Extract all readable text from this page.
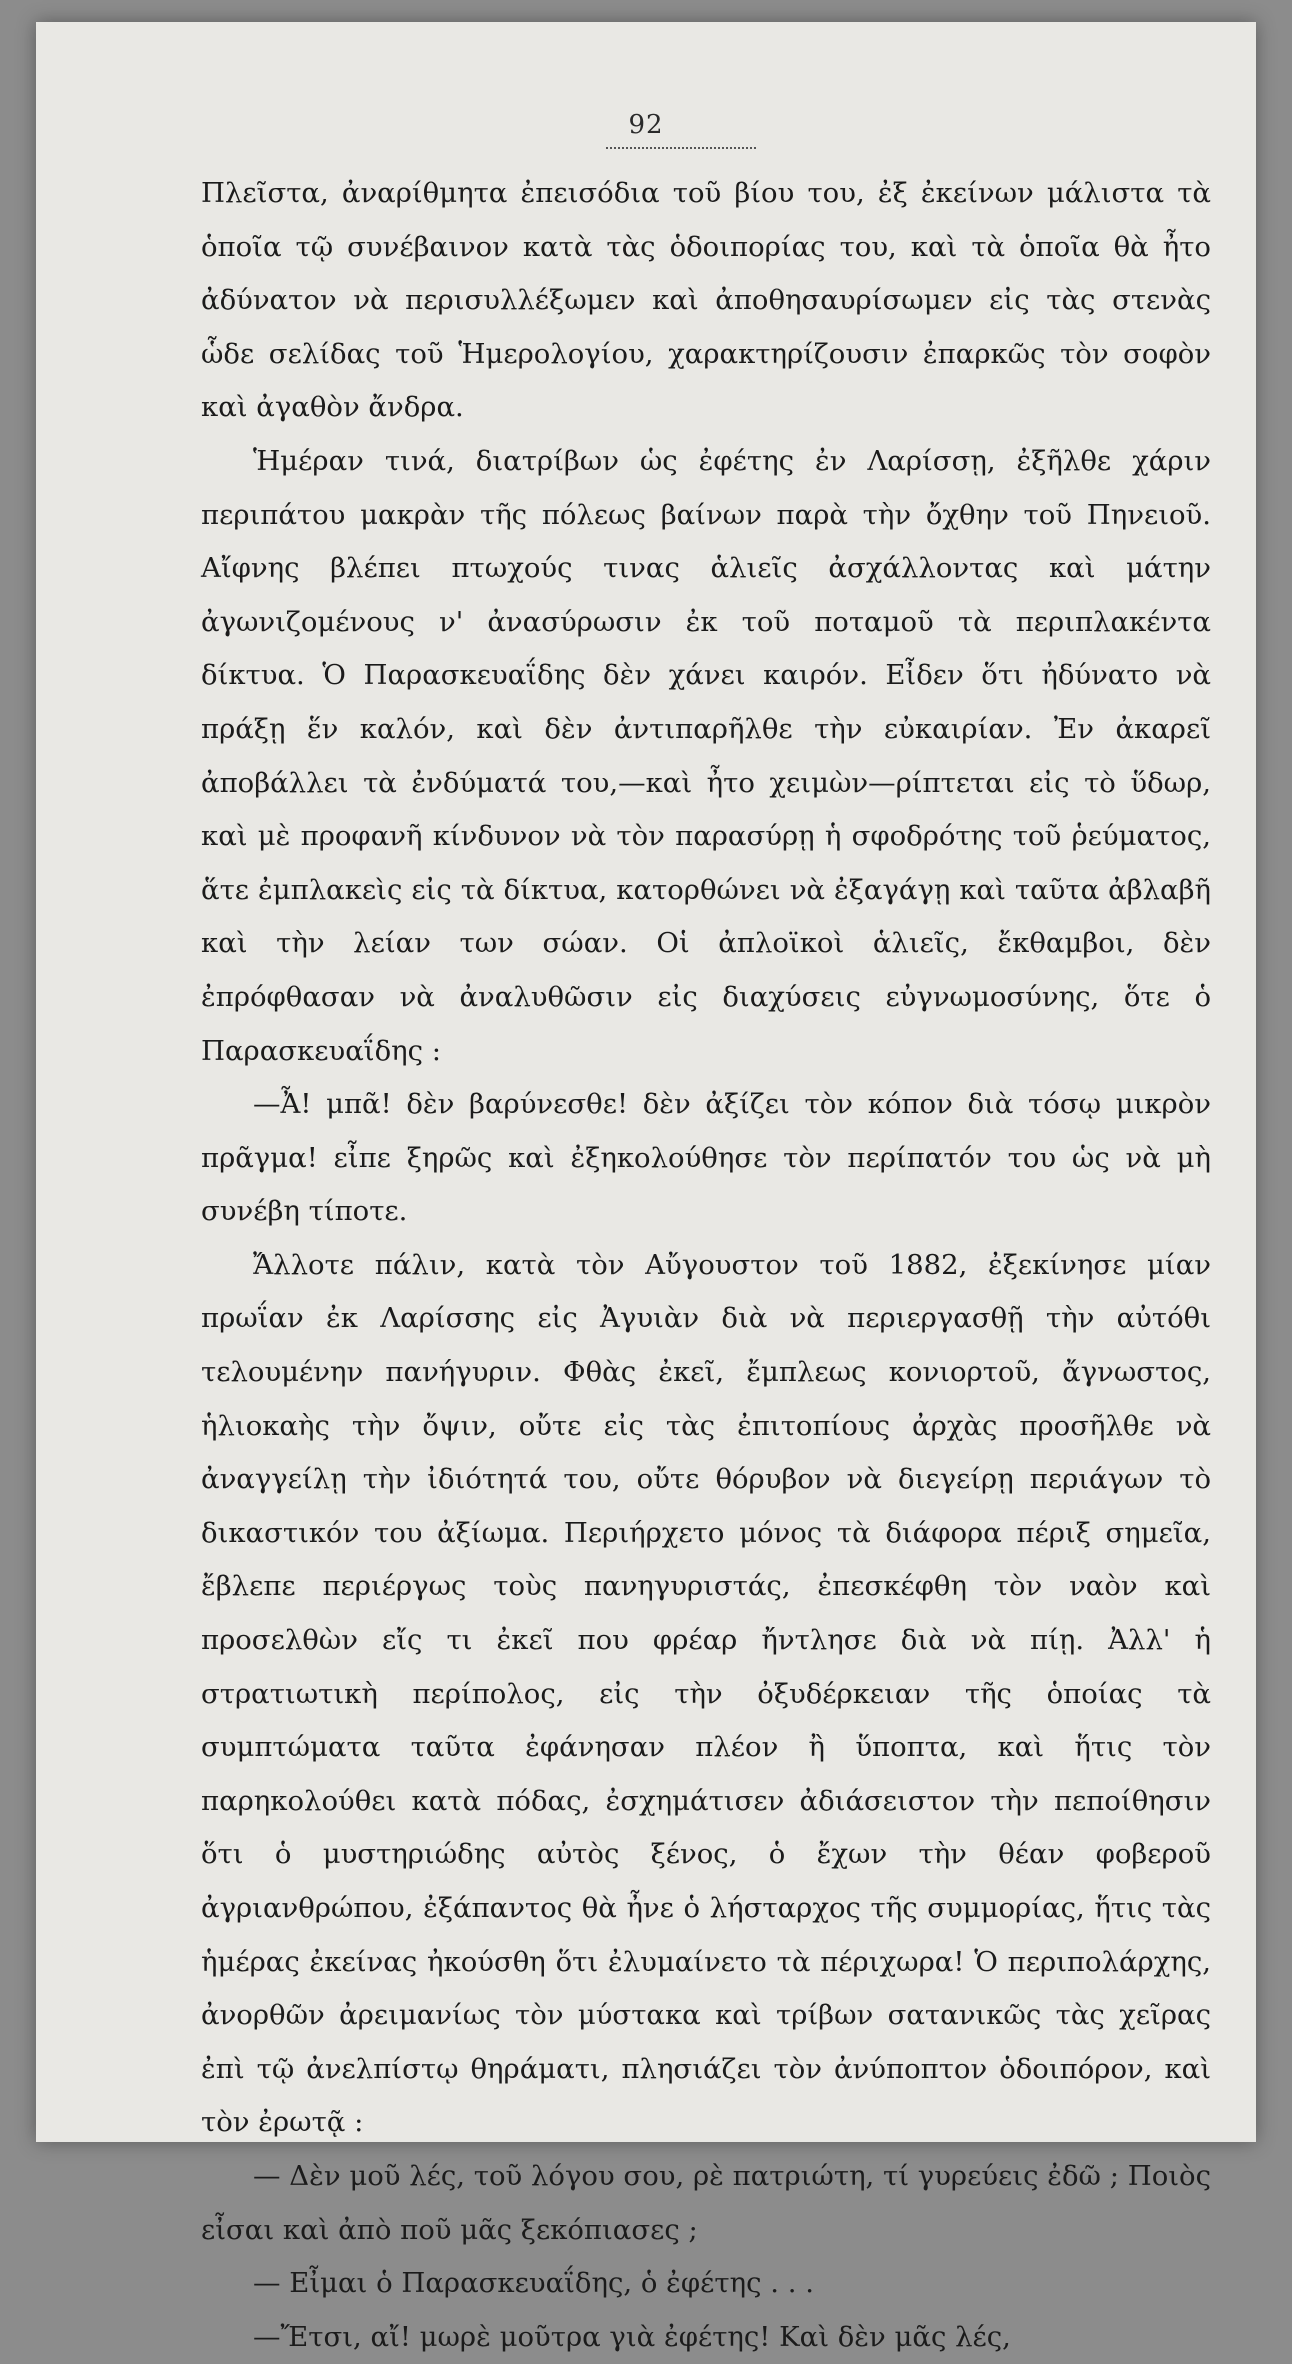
92

Πλεῖστα, ἀναρίθμητα ἐπεισόδια τοῦ βίου του, ἐξ ἐκείνων μάλιστα τὰ ὁποῖα τῷ συνέβαινον κατὰ τὰς ὁδοιπορίας του, καὶ τὰ ὁποῖα θὰ ἦτο ἀδύνατον νὰ περισυλλέξωμεν καὶ ἀποθησαυρίσωμεν εἰς τὰς στενὰς ὧδε σελίδας τοῦ Ἡμερολογίου, χαρακτηρίζουσιν ἐπαρκῶς τὸν σοφὸν καὶ ἀγαθὸν ἄνδρα.

Ἡμέραν τινά, διατρίβων ὡς ἐφέτης ἐν Λαρίσσῃ, ἐξῆλθε χάριν περιπάτου μακρὰν τῆς πόλεως βαίνων παρὰ τὴν ὄχθην τοῦ Πηνειοῦ. Αἴφνης βλέπει πτωχούς τινας ἁλιεῖς ἀσχάλλοντας καὶ μάτην ἀγωνιζομένους ν' ἀνασύρωσιν ἐκ τοῦ ποταμοῦ τὰ περιπλακέντα δίκτυα. Ὁ Παρασκευαΐδης δὲν χάνει καιρόν. Εἶδεν ὅτι ἠδύνατο νὰ πράξῃ ἕν καλόν, καὶ δὲν ἀντιπαρῆλθε τὴν εὐκαιρίαν. Ἐν ἀκαρεῖ ἀποβάλλει τὰ ἐνδύματά του,—καὶ ἦτο χειμὼν—ρίπτεται εἰς τὸ ὕδωρ, καὶ μὲ προφανῆ κίνδυνον νὰ τὸν παρασύρῃ ἡ σφοδρότης τοῦ ῥεύματος, ἅτε ἐμπλακεὶς εἰς τὰ δίκτυα, κατορθώνει νὰ ἐξαγάγῃ καὶ ταῦτα ἀβλαβῆ καὶ τὴν λείαν των σώαν. Οἱ ἀπλοϊκοὶ ἁλιεῖς, ἔκθαμβοι, δὲν ἐπρόφθασαν νὰ ἀναλυθῶσιν εἰς διαχύσεις εὐγνωμοσύνης, ὅτε ὁ Παρασκευαΐδης :

—Ἆ! μπᾶ! δὲν βαρύνεσθε! δὲν ἀξίζει τὸν κόπον διὰ τόσῳ μικρὸν πρᾶγμα! εἶπε ξηρῶς καὶ ἐξηκολούθησε τὸν περίπατόν του ὡς νὰ μὴ συνέβη τίποτε.

Ἄλλοτε πάλιν, κατὰ τὸν Αὔγουστον τοῦ 1882, ἐξεκίνησε μίαν πρωΐαν ἐκ Λαρίσσης εἰς Ἀγυιὰν διὰ νὰ περιεργασθῇ τὴν αὐτόθι τελουμένην πανήγυριν. Φθὰς ἐκεῖ, ἔμπλεως κονιορτοῦ, ἄγνωστος, ἡλιοκαὴς τὴν ὄψιν, οὔτε εἰς τὰς ἐπιτοπίους ἀρχὰς προσῆλθε νὰ ἀναγγείλῃ τὴν ἰδιότητά του, οὔτε θόρυβον νὰ διεγείρῃ περιάγων τὸ δικαστικόν του ἀξίωμα. Περιήρχετο μόνος τὰ διάφορα πέριξ σημεῖα, ἔβλεπε περιέργως τοὺς πανηγυριστάς, ἐπεσκέφθη τὸν ναὸν καὶ προσελθὼν εἴς τι ἐκεῖ που φρέαρ ἤντλησε διὰ νὰ πίῃ. Ἀλλ' ἡ στρατιωτικὴ περίπολος, εἰς τὴν ὀξυδέρκειαν τῆς ὁποίας τὰ συμπτώματα ταῦτα ἐφάνησαν πλέον ἢ ὕποπτα, καὶ ἥτις τὸν παρηκολούθει κατὰ πόδας, ἐσχημάτισεν ἀδιάσειστον τὴν πεποίθησιν ὅτι ὁ μυστηριώδης αὐτὸς ξένος, ὁ ἔχων τὴν θέαν φοβεροῦ ἀγριανθρώπου, ἐξάπαντος θὰ ἦνε ὁ λήσταρχος τῆς συμμορίας, ἥτις τὰς ἡμέρας ἐκείνας ἠκούσθη ὅτι ἐλυμαίνετο τὰ πέριχωρα! Ὁ περιπολάρχης, ἀνορθῶν ἀρειμανίως τὸν μύστακα καὶ τρίβων σατανικῶς τὰς χεῖρας ἐπὶ τῷ ἀνελπίστῳ θηράματι, πλησιάζει τὸν ἀνύποπτον ὁδοιπόρον, καὶ τὸν ἐρωτᾷ :

— Δὲν μοῦ λές, τοῦ λόγου σου, ρὲ πατριώτη, τί γυρεύεις ἐδῶ ; Ποιὸς εἶσαι καὶ ἀπὸ ποῦ μᾶς ξεκόπιασες ;

— Εἶμαι ὁ Παρασκευαΐδης, ὁ ἐφέτης . . .

—Ἔτσι, αἴ! μωρὲ μοῦτρα γιὰ ἐφέτης! Καὶ δὲν μᾶς λές,
